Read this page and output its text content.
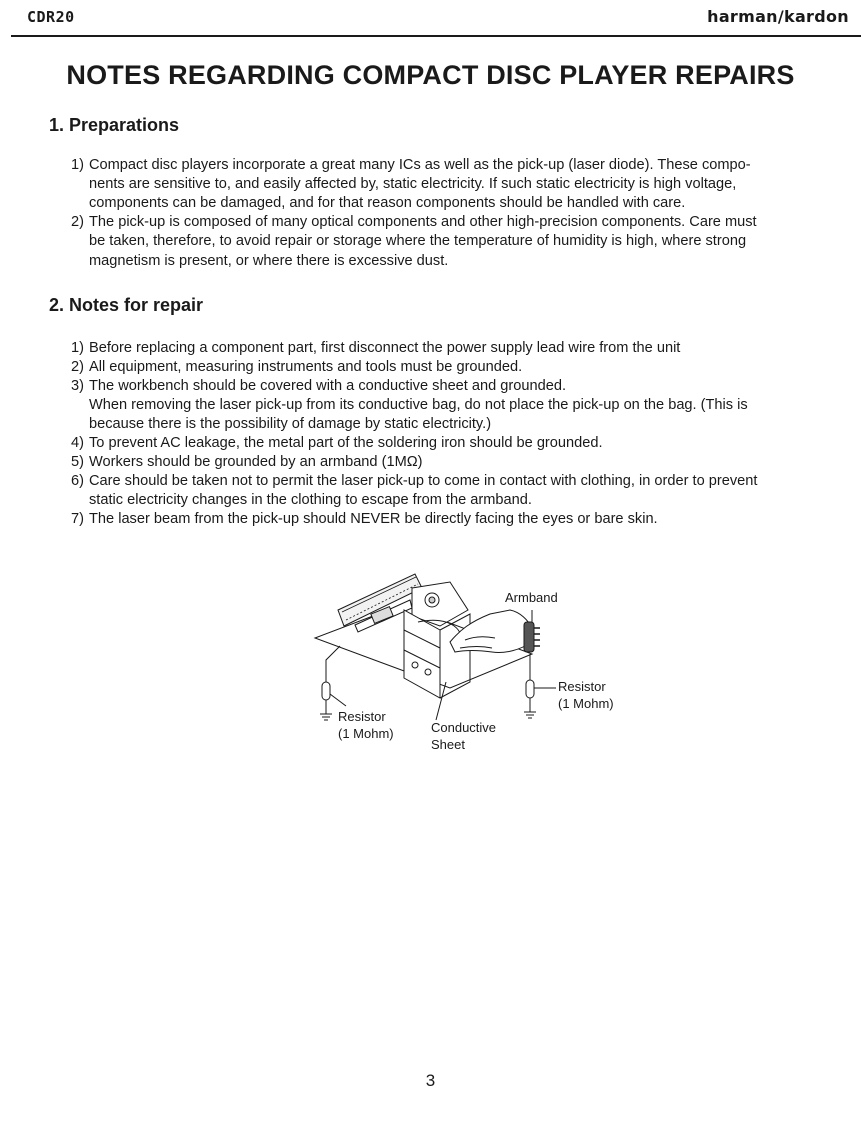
CDR20	harman/kardon
NOTES REGARDING COMPACT DISC PLAYER REPAIRS
1. Preparations
1) Compact disc players incorporate a great many ICs as well as the pick-up (laser diode). These compo-
nents are sensitive to, and easily affected by, static electricity. If such static electricity is high voltage,
components can be damaged, and for that reason components should be handled with care.
2) The pick-up is composed of many optical components and other high-precision components. Care must
be taken, therefore, to avoid repair or storage where the temperature of humidity is high, where strong
magnetism is present, or where there is excessive dust.
2. Notes for repair
1) Before replacing a component part, first disconnect the power supply lead wire from the unit
2) All equipment, measuring instruments and tools must be grounded.
3) The workbench should be covered with a conductive sheet and grounded.
When removing the laser pick-up from its conductive bag, do not place the pick-up on the bag. (This is
because there is the possibility of damage by static electricity.)
4) To prevent AC leakage, the metal part of the soldering iron should be grounded.
5) Workers should be grounded by an armband (1MΩ)
6) Care should be taken not to permit the laser pick-up to come in contact with clothing, in order to prevent
static electricity changes in the clothing to escape from the armband.
7) The laser beam from the pick-up should NEVER be directly facing the eyes or bare skin.
Armband
Resistor
(1 Mohm)
Resistor
(1 Mohm)	Conductive
Sheet
3
